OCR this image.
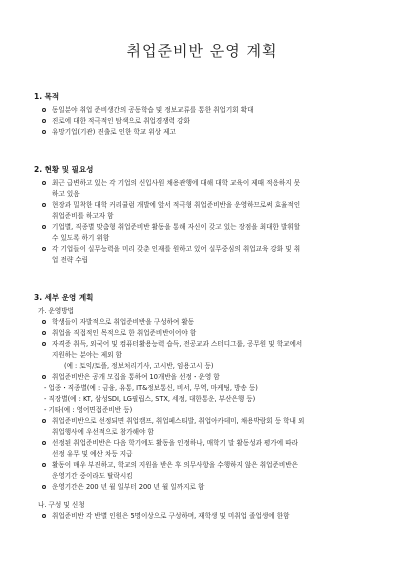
취업준비반 운영 계획
1. 목적
동일분야 취업 준비생간의 공동학습 및 정보교류를 통한 취업기회 확대
진로에 대한 적극적인 탐색으로 취업경쟁력 강화
유망기업(기관) 진출로 인한 학교 위상 제고
2. 현황 및 필요성
최근 급변하고 있는 각 기업의 신입사원 채용관행에 대해 대학 교육이 제때 적응하지 못
하고 있음
현장과 밀착한 대학 커리큘럼 개발에 앞서 적극형 취업준비반을 운영하므로써 효율적인
취업준비를 하고자 함
기업별, 직종별 맞춤형 취업준비반 활동을 통해 자신이 갖고 있는 장점을 최대한 발휘할
수 있도록 하기 위함
각 기업들이 실무능력을 미리 갖춘 인재를 원하고 있어 실무중심의 취업교육 강화 및 취
업 전략 수립
3. 세부 운영 계획
가. 운영방법
학생들이 자발적으로 취업준비반을 구성하여 활동
취업을 직접적인 목적으로 한 취업준비반이어야 함
자격증 취득, 외국어 및 컴퓨터활용능력 습득, 전공교과 스터디그룹, 공무원 및 학교에서
지원하는 분야는 제외 함
(예 : 토익/토플, 정보처리기사, 고시반, 임용고시 등)
취업준비반은 공개 모집을 통하여 10개반을 선정・운영 함
- 업종・직종별(예 : 금융, 유통, IT&정보통신, 비서, 무역, 마케팅, 방송 등)
- 직장별(예 : KT, 삼성SDI, LG필립스, STX, 세정, 대한통운, 부산은행 등)
- 기타(예 : 영어면접준비반 등)
취업준비반으로 선정되면 취업캠프, 취업페스티발, 취업아카데미, 채용박람회 등 학내 외
취업행사에 우선적으로 참가해야 함
선정된 취업준비반은 다음 학기에도 활동을 인정하나, 매학기 말 활동성과 평가에 따라
선정 유무 및 예산 차등 지급
활동이 매우 부진하고, 학교의 지원을 받은 후 의무사항을 수행하지 않은 취업준비반은
운영기간 중이라도 탈락시킴
운영기간은 200 년 월 일부터 200 년 월 일까지로 함
나. 구성 및 신청
취업준비반 각 반별 인원은 5명이상으로 구성하며, 재학생 및 미취업 졸업생에 한함
